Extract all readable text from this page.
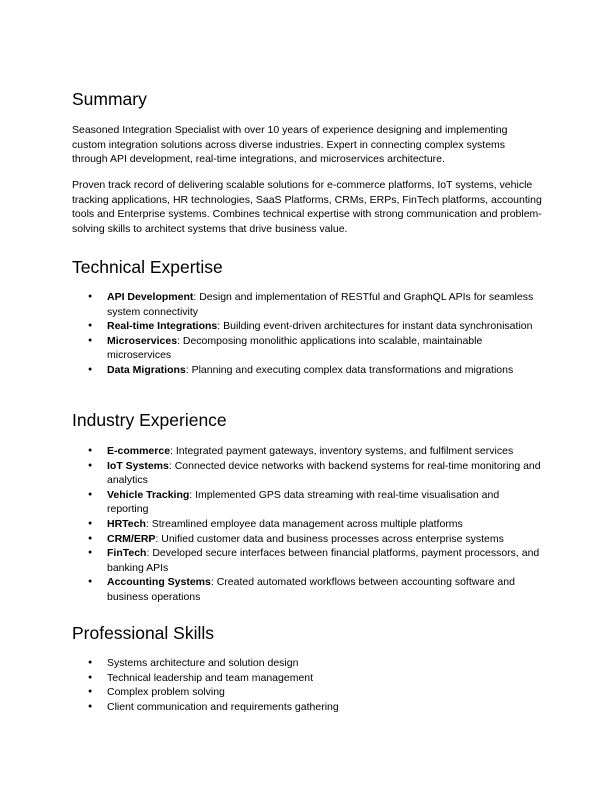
Summary

Seasoned Integration Specialist with over 10 years of experience designing and implementing custom integration solutions across diverse industries. Expert in connecting complex systems through API development, real-time integrations, and microservices architecture.

Proven track record of delivering scalable solutions for e-commerce platforms, IoT systems, vehicle tracking applications, HR technologies, SaaS Platforms, CRMs, ERPs, FinTech platforms, accounting tools and Enterprise systems. Combines technical expertise with strong communication and problem-solving skills to architect systems that drive business value.

Technical Expertise
● API Development: Design and implementation of RESTful and GraphQL APIs for seamless system connectivity
● Real-time Integrations: Building event-driven architectures for instant data synchronisation
● Microservices: Decomposing monolithic applications into scalable, maintainable microservices
● Data Migrations: Planning and executing complex data transformations and migrations
Industry Experience
● E-commerce: Integrated payment gateways, inventory systems, and fulfilment services
● IoT Systems: Connected device networks with backend systems for real-time monitoring and analytics
● Vehicle Tracking: Implemented GPS data streaming with real-time visualisation and reporting
● HRTech: Streamlined employee data management across multiple platforms
● CRM/ERP: Unified customer data and business processes across enterprise systems
● FinTech: Developed secure interfaces between financial platforms, payment processors, and banking APIs
● Accounting Systems: Created automated workflows between accounting software and business operations
Professional Skills
● Systems architecture and solution design
● Technical leadership and team management
● Complex problem solving
● Client communication and requirements gathering
